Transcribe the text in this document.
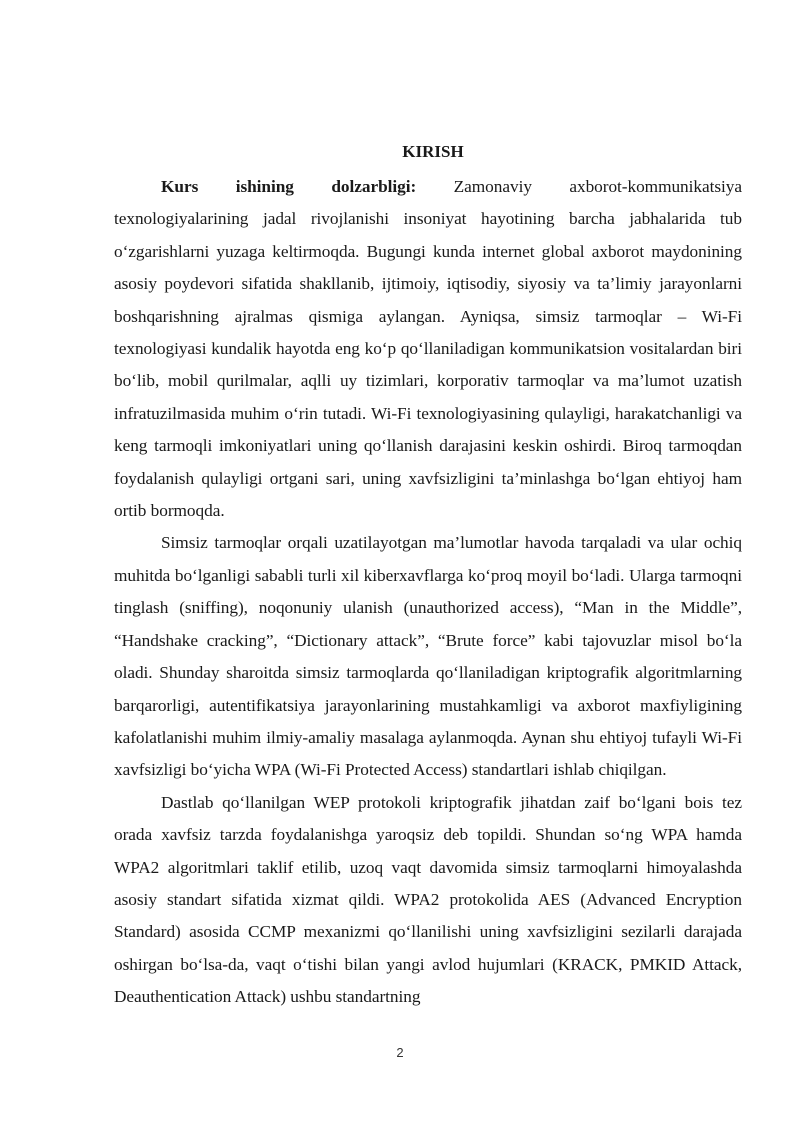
KIRISH

Kurs ishining dolzarbligi: Zamonaviy axborot-kommunikatsiya texnologiyalarining jadal rivojlanishi insoniyat hayotining barcha jabhalarida tub o‘zgarishlarni yuzaga keltirmoqda. Bugungi kunda internet global axborot maydonining asosiy poydevori sifatida shakllanib, ijtimoiy, iqtisodiy, siyosiy va ta’limiy jarayonlarni boshqarishning ajralmas qismiga aylangan. Ayniqsa, simsiz tarmoqlar – Wi-Fi texnologiyasi kundalik hayotda eng ko‘p qo‘llaniladigan kommunikatsion vositalardan biri bo‘lib, mobil qurilmalar, aqlli uy tizimlari, korporativ tarmoqlar va ma’lumot uzatish infratuzilmasida muhim o‘rin tutadi. Wi-Fi texnologiyasining qulayligi, harakatchanligi va keng tarmoqli imkoniyatlari uning qo‘llanish darajasini keskin oshirdi. Biroq tarmoqdan foydalanish qulayligi ortgani sari, uning xavfsizligini ta’minlashga bo‘lgan ehtiyoj ham ortib bormoqda.

Simsiz tarmoqlar orqali uzatilayotgan ma’lumotlar havoda tarqaladi va ular ochiq muhitda bo‘lganligi sababli turli xil kiberxavflarga ko‘proq moyil bo‘ladi. Ularga tarmoqni tinglash (sniffing), noqonuniy ulanish (unauthorized access), “Man in the Middle”, “Handshake cracking”, “Dictionary attack”, “Brute force” kabi tajovuzlar misol bo‘la oladi. Shunday sharoitda simsiz tarmoqlarda qo‘llaniladigan kriptografik algoritmlarning barqarorligi, autentifikatsiya jarayonlarining mustahkamligi va axborot maxfiyligining kafolatlanishi muhim ilmiy-amaliy masalaga aylanmoqda. Aynan shu ehtiyoj tufayli Wi-Fi xavfsizligi bo‘yicha WPA (Wi-Fi Protected Access) standartlari ishlab chiqilgan.

Dastlab qo‘llanilgan WEP protokoli kriptografik jihatdan zaif bo‘lgani bois tez orada xavfsiz tarzda foydalanishga yaroqsiz deb topildi. Shundan so‘ng WPA hamda WPA2 algoritmlari taklif etilib, uzoq vaqt davomida simsiz tarmoqlarni himoyalashda asosiy standart sifatida xizmat qildi. WPA2 protokolida AES (Advanced Encryption Standard) asosida CCMP mexanizmi qo‘llanilishi uning xavfsizligini sezilarli darajada oshirgan bo‘lsa-da, vaqt o‘tishi bilan yangi avlod hujumlari (KRACK, PMKID Attack, Deauthentication Attack) ushbu standartning

2
